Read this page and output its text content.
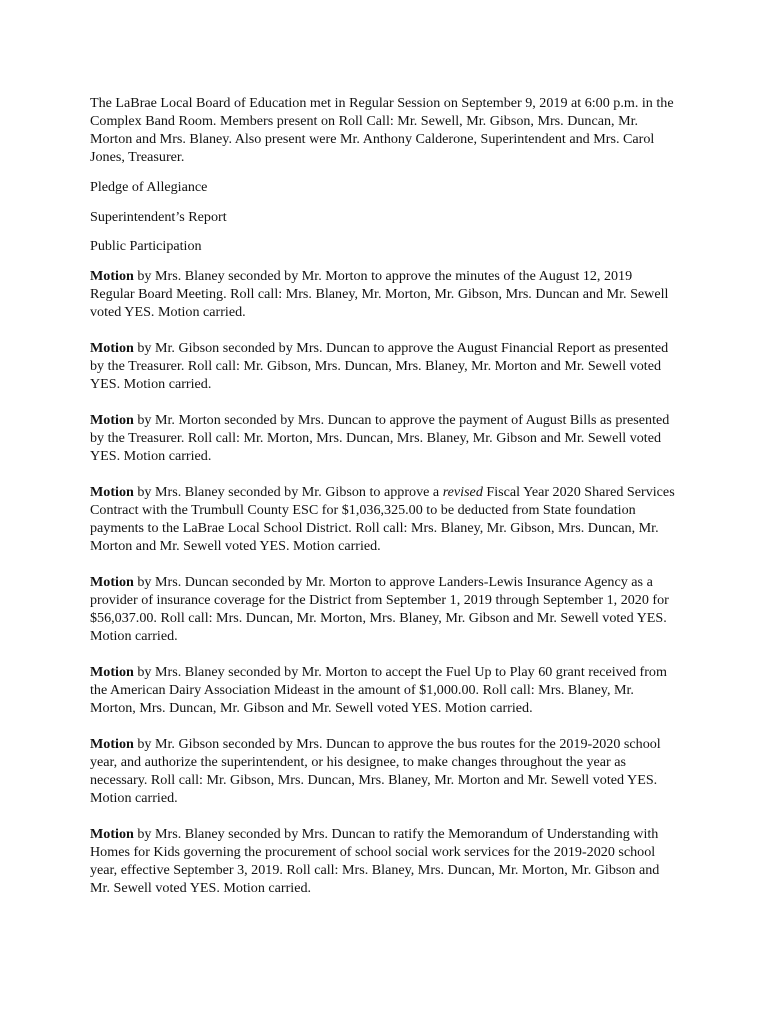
The LaBrae Local Board of Education met in Regular Session on September 9, 2019 at 6:00 p.m. in the Complex Band Room. Members present on Roll Call: Mr. Sewell, Mr. Gibson, Mrs. Duncan, Mr. Morton and Mrs. Blaney. Also present were Mr. Anthony Calderone, Superintendent and Mrs. Carol Jones, Treasurer.

Pledge of Allegiance

Superintendent’s Report

Public Participation

Motion by Mrs. Blaney seconded by Mr. Morton to approve the minutes of the August 12, 2019 Regular Board Meeting. Roll call: Mrs. Blaney, Mr. Morton, Mr. Gibson, Mrs. Duncan and Mr. Sewell voted YES. Motion carried.

Motion by Mr. Gibson seconded by Mrs. Duncan to approve the August Financial Report as presented by the Treasurer. Roll call: Mr. Gibson, Mrs. Duncan, Mrs. Blaney, Mr. Morton and Mr. Sewell voted YES. Motion carried.

Motion by Mr. Morton seconded by Mrs. Duncan to approve the payment of August Bills as presented by the Treasurer. Roll call: Mr. Morton, Mrs. Duncan, Mrs. Blaney, Mr. Gibson and Mr. Sewell voted YES. Motion carried.

Motion by Mrs. Blaney seconded by Mr. Gibson to approve a revised Fiscal Year 2020 Shared Services Contract with the Trumbull County ESC for $1,036,325.00 to be deducted from State foundation payments to the LaBrae Local School District. Roll call: Mrs. Blaney, Mr. Gibson, Mrs. Duncan, Mr. Morton and Mr. Sewell voted YES. Motion carried.

Motion by Mrs. Duncan seconded by Mr. Morton to approve Landers-Lewis Insurance Agency as a provider of insurance coverage for the District from September 1, 2019 through September 1, 2020 for $56,037.00. Roll call: Mrs. Duncan, Mr. Morton, Mrs. Blaney, Mr. Gibson and Mr. Sewell voted YES. Motion carried.

Motion by Mrs. Blaney seconded by Mr. Morton to accept the Fuel Up to Play 60 grant received from the American Dairy Association Mideast in the amount of $1,000.00. Roll call: Mrs. Blaney, Mr. Morton, Mrs. Duncan, Mr. Gibson and Mr. Sewell voted YES. Motion carried.

Motion by Mr. Gibson seconded by Mrs. Duncan to approve the bus routes for the 2019-2020 school year, and authorize the superintendent, or his designee, to make changes throughout the year as necessary. Roll call: Mr. Gibson, Mrs. Duncan, Mrs. Blaney, Mr. Morton and Mr. Sewell voted YES. Motion carried.

Motion by Mrs. Blaney seconded by Mrs. Duncan to ratify the Memorandum of Understanding with Homes for Kids governing the procurement of school social work services for the 2019-2020 school year, effective September 3, 2019. Roll call: Mrs. Blaney, Mrs. Duncan, Mr. Morton, Mr. Gibson and Mr. Sewell voted YES. Motion carried.
